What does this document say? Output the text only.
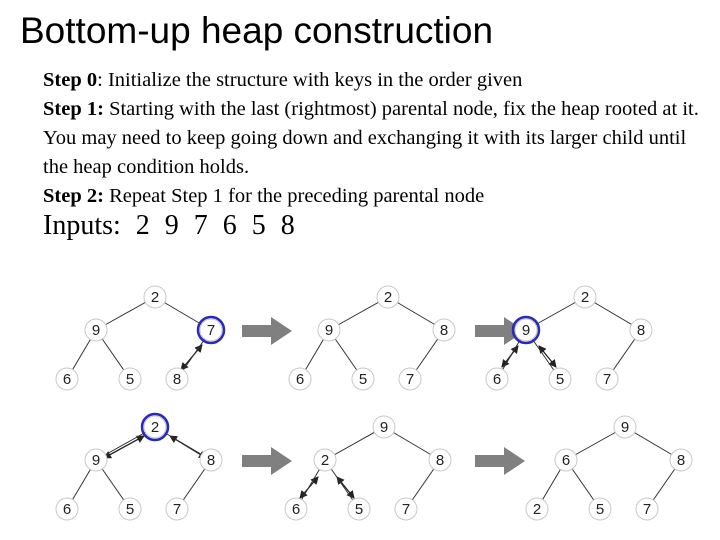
Bottom-up heap construction

Step 0: Initialize the structure with keys in the order given

Step 1: Starting with the last (rightmost) parental node, fix the heap rooted at it. You may need to keep going down and exchanging it with its larger child until the heap condition holds.

Step 2: Repeat Step 1 for the preceding parental node

Inputs: 2 9 7 6 5 8
2
9	7
6	5	8
2
9	8
6	5	7
2
9	8
6	5	7
2
9	8
6	5	7
9
2	8
6	5	7
9
6	8
2	5	7
